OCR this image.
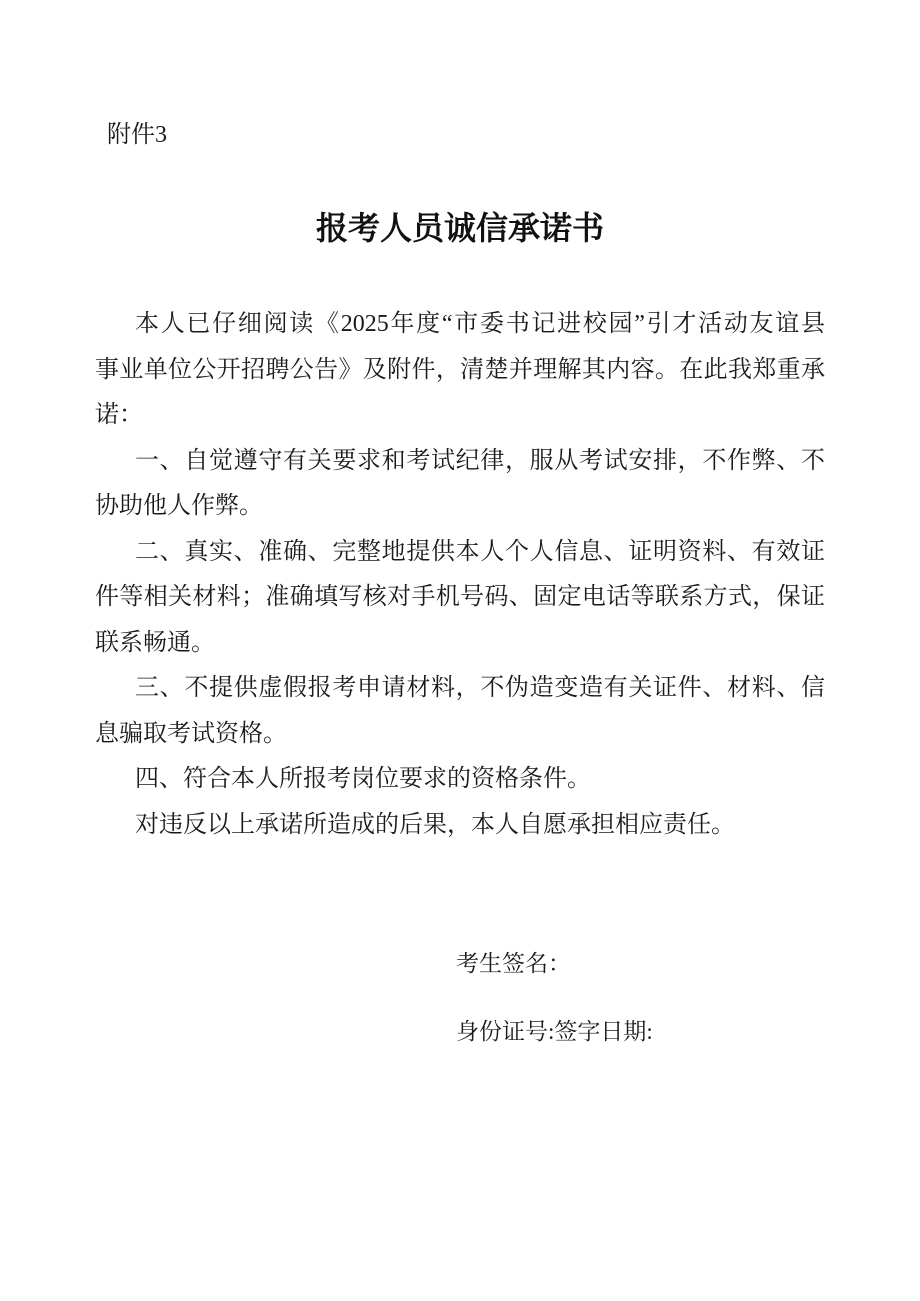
附件3
报考人员诚信承诺书
本人已仔细阅读《2025年度“市委书记进校园”引才活动友谊县
事业单位公开招聘公告》及附件，清楚并理解其内容。在此我郑重承
诺：
一、自觉遵守有关要求和考试纪律，服从考试安排，不作弊、不
协助他人作弊。
二、真实、准确、完整地提供本人个人信息、证明资料、有效证
件等相关材料；准确填写核对手机号码、固定电话等联系方式，保证
联系畅通。
三、不提供虚假报考申请材料，不伪造变造有关证件、材料、信
息骗取考试资格。
四、符合本人所报考岗位要求的资格条件。
对违反以上承诺所造成的后果，本人自愿承担相应责任。
考生签名：
身份证号:签字日期:
